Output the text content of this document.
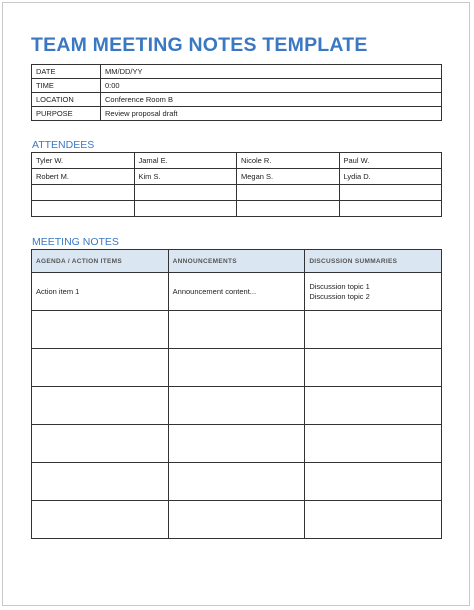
TEAM MEETING NOTES TEMPLATE
DATE	MM/DD/YY
TIME	0:00
LOCATION	Conference Room B
PURPOSE	Review proposal draft
ATTENDEES
Tyler W.	Jamal E.	Nicole R.	Paul W.
Robert M.	Kim S.	Megan S.	Lydia D.

MEETING NOTES
AGENDA / ACTION ITEMS	ANNOUNCEMENTS	DISCUSSION SUMMARIES
Action item 1	Announcement content...	Discussion topic 1
Discussion topic 2
